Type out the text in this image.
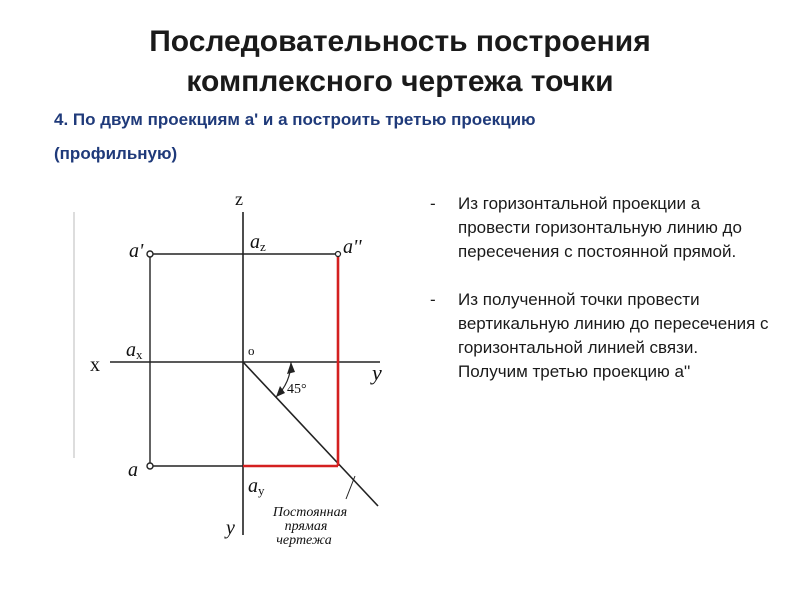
Последовательность построения
комплексного чертежа точки
4. По двум проекциям а' и а построить третью проекцию
(профильную)
z
x	y
y
o
a'	a''
a
az
ax
ay
45°
Постоянная
прямая
чертежа
-	Из горизонтальной проекции а провести горизонтальную линию до пересечения с постоянной прямой.
-	Из полученной точки провести вертикальную линию до пересечения с горизонтальной линией связи. Получим третью проекцию а''
